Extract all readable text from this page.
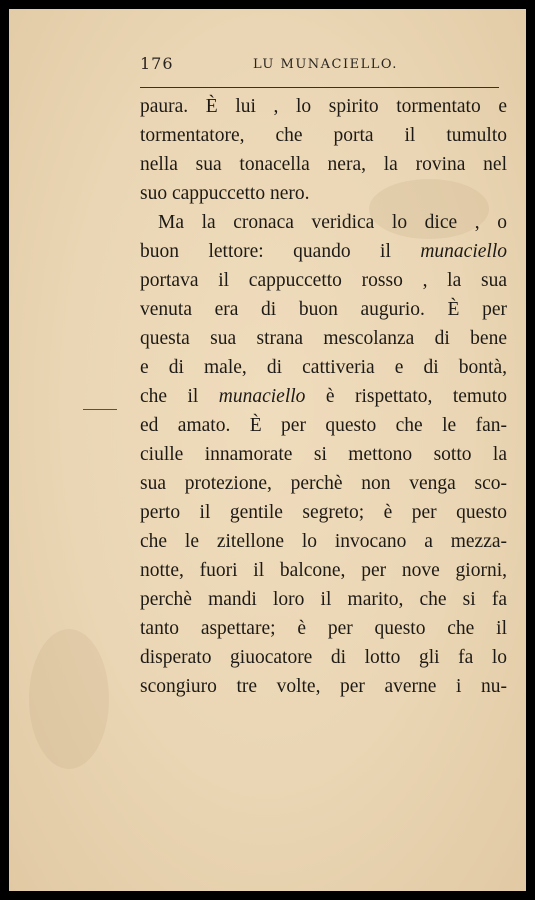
176	LU MUNACIELLO.
paura. È lui , lo spirito tormentato e
tormentatore, che porta il tumulto
nella sua tonacella nera, la rovina nel
suo cappuccetto nero.
Ma la cronaca veridica lo dice , o
buon lettore: quando il munaciello
portava il cappuccetto rosso , la sua
venuta era di buon augurio. È per
questa sua strana mescolanza di bene
e di male, di cattiveria e di bontà,
che il munaciello è rispettato, temuto
ed amato. È per questo che le fan-
ciulle innamorate si mettono sotto la
sua protezione, perchè non venga sco-
perto il gentile segreto; è per questo
che le zitellone lo invocano a mezza-
notte, fuori il balcone, per nove giorni,
perchè mandi loro il marito, che si fa
tanto aspettare; è per questo che il
disperato giuocatore di lotto gli fa lo
scongiuro tre volte, per averne i nu-
